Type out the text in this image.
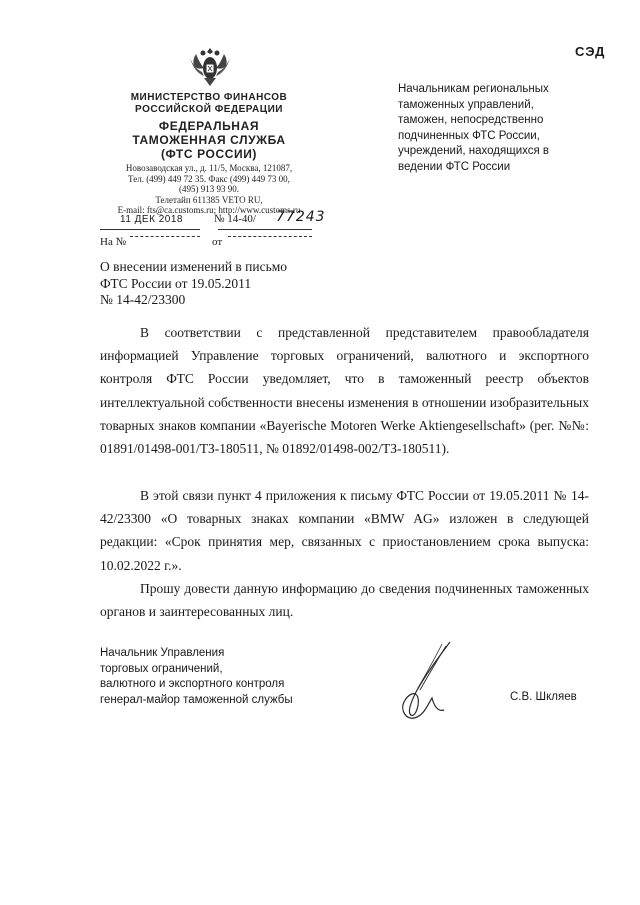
СЭД
МИНИСТЕРСТВО ФИНАНСОВ
РОССИЙСКОЙ ФЕДЕРАЦИИ
ФЕДЕРАЛЬНАЯ
ТАМОЖЕННАЯ СЛУЖБА
(ФТС РОССИИ)
Новозаводская ул., д. 11/5, Москва, 121087,
Тел. (499) 449 72 35. Факс (499) 449 73 00,
(495) 913 93 90.
Телетайп 611385 VETO RU,
E-mail: fts@ca.customs.ru; http://www.customs.ru
11 ДЕК 2018	№ 14-40/ 77243
На №	от
Начальникам региональных
таможенных управлений,
таможен, непосредственно
подчиненных ФТС России,
учреждений, находящихся в
ведении ФТС России
О внесении изменений в письмо
ФТС России от 19.05.2011
№ 14-42/23300
В соответствии с представленной представителем правообладателя информацией Управление торговых ограничений, валютного и экспортного контроля ФТС России уведомляет, что в таможенный реестр объектов интеллектуальной собственности внесены изменения в отношении изобразительных товарных знаков компании «Bayerische Motoren Werke Aktiengesellschaft» (рег. №№: 01891/01498-001/ТЗ-180511, № 01892/01498-002/ТЗ-180511).
В этой связи пункт 4 приложения к письму ФТС России от 19.05.2011 № 14-42/23300 «О товарных знаках компании «BMW AG» изложен в следующей редакции: «Срок принятия мер, связанных с приостановлением срока выпуска: 10.02.2022 г.».
Прошу довести данную информацию до сведения подчиненных таможенных органов и заинтересованных лиц.
Начальник Управления
торговых ограничений,
валютного и экспортного контроля
генерал-майор таможенной службы	С.В. Шкляев
